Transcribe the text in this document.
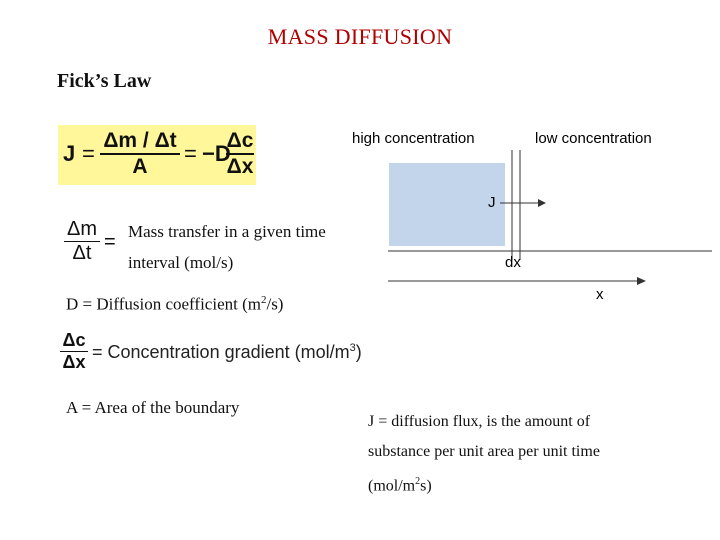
MASS DIFFUSION
Fick’s Law
J =
Δm / Δt
A
= −D
Δc
Δx
Δm
Δt = Mass transfer in a given time
interval (mol/s)
D = Diffusion coefficient $(m^2/s)$
Δc
Δx = Concentration gradient $(mol/m^3)$
A = Area of the boundary
high concentration	low concentration
J
dx
x
J = diffusion flux, is the amount of
substance per unit area per unit time
$(mol/m^2s)$
